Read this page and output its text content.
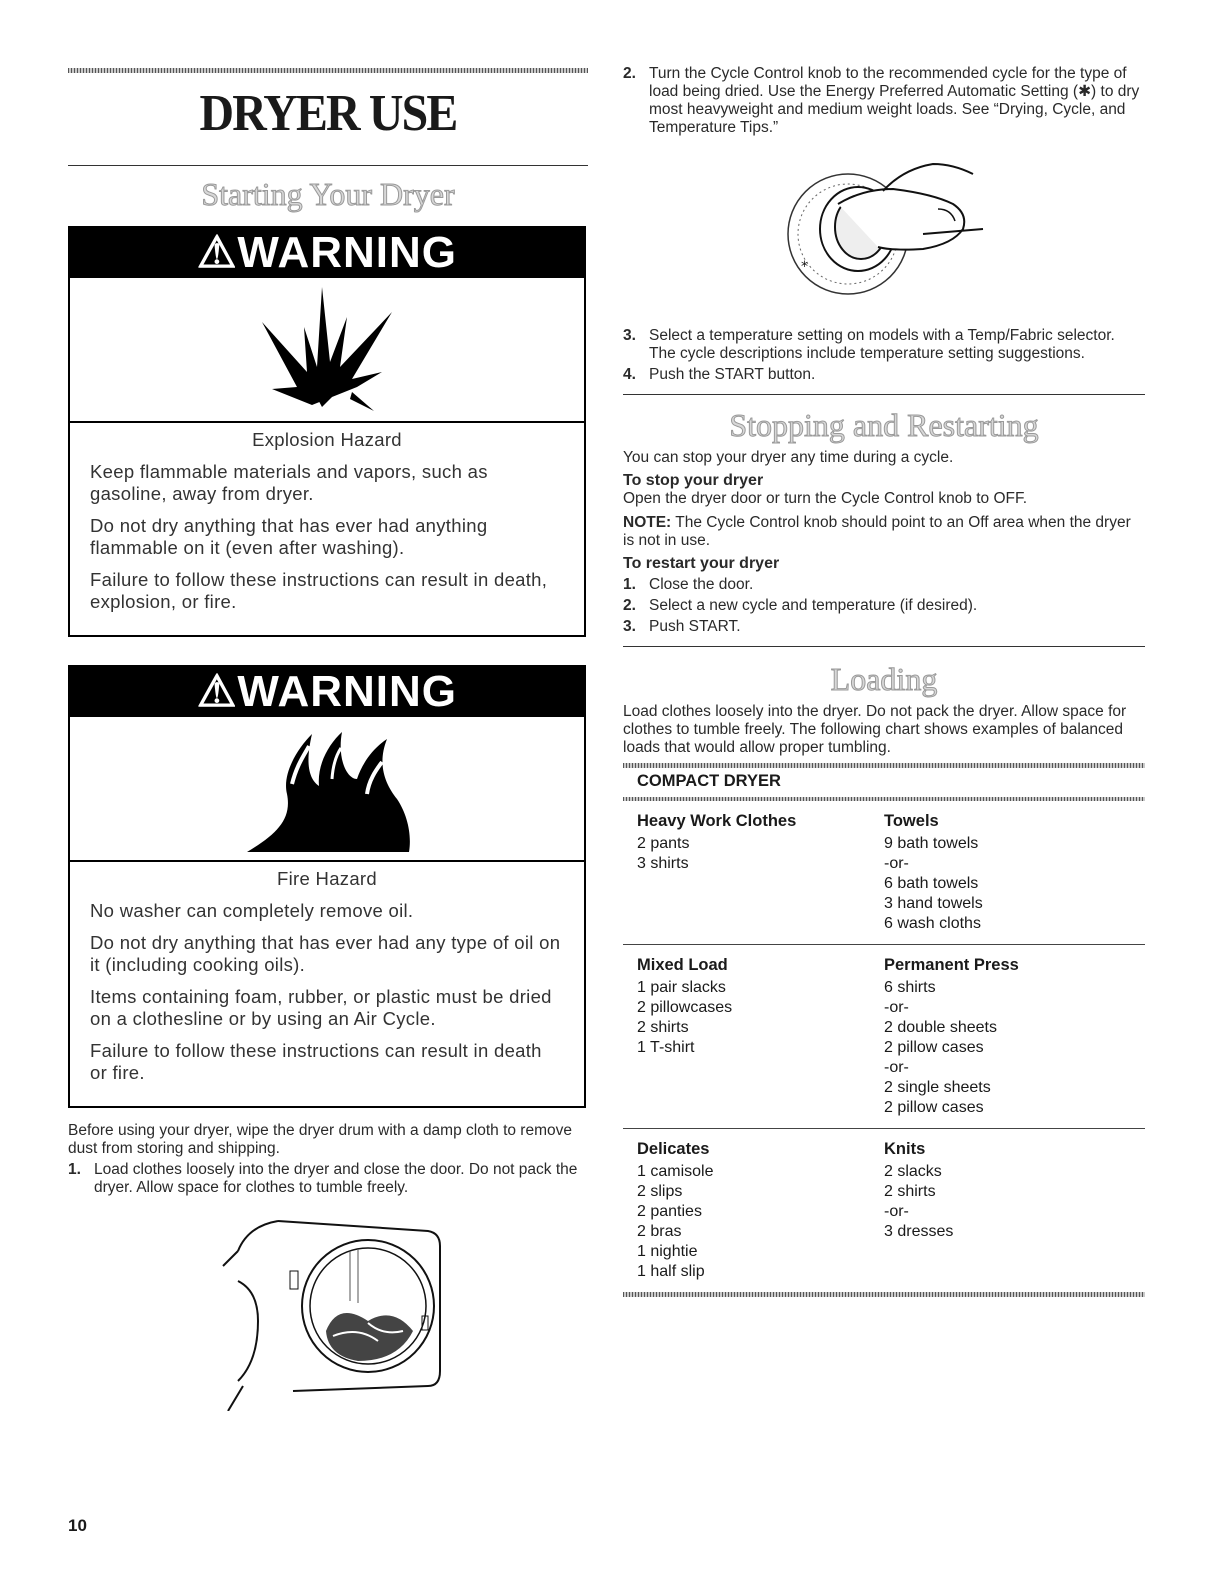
DRYER USE
Starting Your Dryer
⚠WARNING
Explosion Hazard

Keep flammable materials and vapors, such as gasoline, away from dryer.

Do not dry anything that has ever had anything flammable on it (even after washing).

Failure to follow these instructions can result in death, explosion, or fire.

⚠WARNING
Fire Hazard

No washer can completely remove oil.

Do not dry anything that has ever had any type of oil on it (including cooking oils).

Items containing foam, rubber, or plastic must be dried on a clothesline or by using an Air Cycle.

Failure to follow these instructions can result in death or fire.

Before using your dryer, wipe the dryer drum with a damp cloth to remove dust from storing and shipping.

1. Load clothes loosely into the dryer and close the door. Do not pack the dryer. Allow space for clothes to tumble freely.
2. Turn the Cycle Control knob to the recommended cycle for the type of load being dried. Use the Energy Preferred Automatic Setting (✱) to dry most heavyweight and medium weight loads. See “Drying, Cycle, and Temperature Tips.”
*
3. Select a temperature setting on models with a Temp/Fabric selector. The cycle descriptions include temperature setting suggestions.
4. Push the START button.
Stopping and Restarting

You can stop your dryer any time during a cycle.

To stop your dryer

Open the dryer door or turn the Cycle Control knob to OFF.

NOTE: The Cycle Control knob should point to an Off area when the dryer is not in use.

To restart your dryer
1. Close the door.
2. Select a new cycle and temperature (if desired).
3. Push START.
Loading
Load clothes loosely into the dryer. Do not pack the dryer. Allow space for clothes to tumble freely. The following chart shows examples of balanced loads that would allow proper tumbling.
COMPACT DRYER
Heavy Work Clothes
2 pants
3 shirts
Towels
9 bath towels
-or-
6 bath towels
3 hand towels
6 wash cloths
Mixed Load
1 pair slacks
2 pillowcases
2 shirts
1 T-shirt
Permanent Press
6 shirts
-or-
2 double sheets
2 pillow cases
-or-
2 single sheets
2 pillow cases
Delicates
1 camisole
2 slips
2 panties
2 bras
1 nightie
1 half slip
Knits
2 slacks
2 shirts
-or-
3 dresses
10
